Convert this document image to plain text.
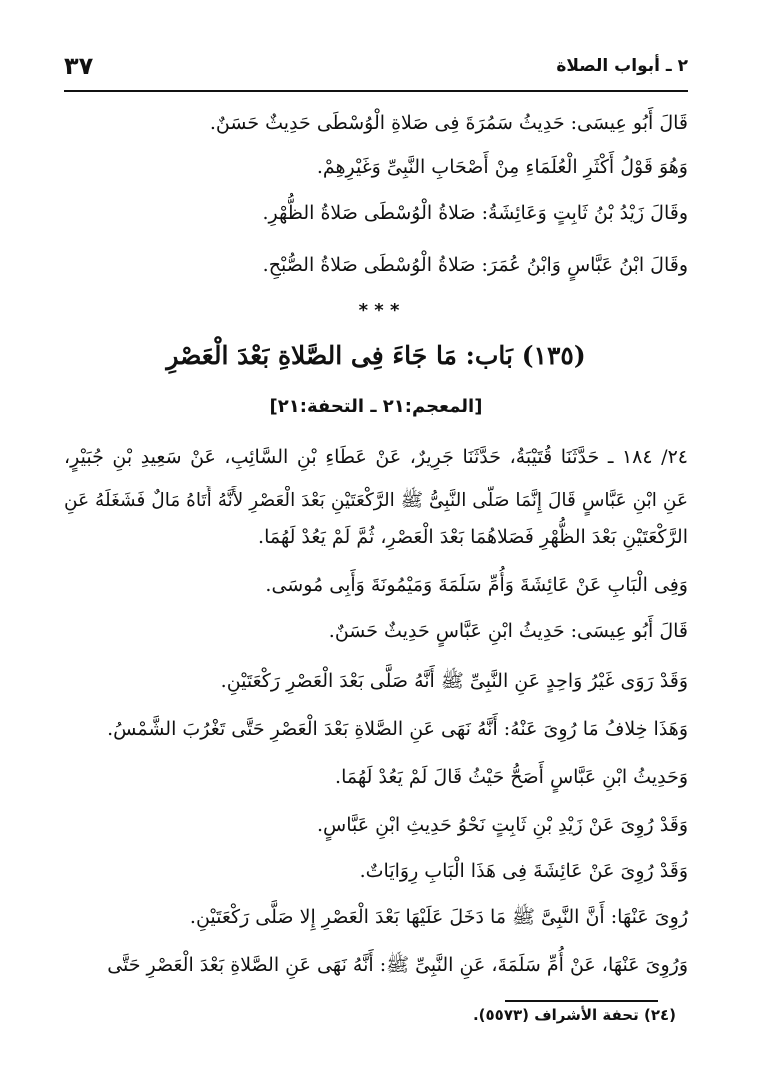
٢ ـ أبواب الصلاة
٣٧
قَالَ أَبُو عِيسَى: حَدِيثُ سَمُرَةَ فِى صَلاةِ الْوُسْطَى حَدِيثٌ حَسَنٌ.
وَهُوَ قَوْلُ أَكْثَرِ الْعُلَمَاءِ مِنْ أَصْحَابِ النَّبِىِّ وَغَيْرِهِمْ.
وقَالَ زَيْدُ بْنُ ثَابِتٍ وَعَائِشَةُ: صَلاةُ الْوُسْطَى صَلاةُ الظُّهْرِ.
وقَالَ ابْنُ عَبَّاسٍ وَابْنُ عُمَرَ: صَلاةُ الْوُسْطَى صَلاةُ الصُّبْحِ.
* * *
(١٣٥) بَاب: مَا جَاءَ فِى الصَّلاةِ بَعْدَ الْعَصْرِ
[المعجم:٢١ ـ التحفة:٢١]
٢٤/ ١٨٤ ـ حَدَّثَنَا قُتَيْبَةُ، حَدَّثَنَا جَرِيرٌ، عَنْ عَطَاءِ بْنِ السَّائِبِ، عَنْ سَعِيدِ بْنِ جُبَيْرٍ،
عَنِ ابْنِ عَبَّاسٍ قَالَ إِنَّمَا صَلَّى النَّبِىُّ ﷺ الرَّكْعَتَيْنِ بَعْدَ الْعَصْرِ لأَنَّهُ أَتَاهُ مَالٌ فَشَغَلَهُ عَنِ
الرَّكْعَتَيْنِ بَعْدَ الظُّهْرِ فَصَلاهُمَا بَعْدَ الْعَصْرِ، ثُمَّ لَمْ يَعُدْ لَهُمَا.
وَفِى الْبَابِ عَنْ عَائِشَةَ وَأُمِّ سَلَمَةَ وَمَيْمُونَةَ وَأَبِى مُوسَى.
قَالَ أَبُو عِيسَى: حَدِيثُ ابْنِ عَبَّاسٍ حَدِيثٌ حَسَنٌ.
وَقَدْ رَوَى غَيْرُ وَاحِدٍ عَنِ النَّبِىِّ ﷺ أَنَّهُ صَلَّى بَعْدَ الْعَصْرِ رَكْعَتَيْنِ.
وَهَذَا خِلافُ مَا رُوِىَ عَنْهُ: أَنَّهُ نَهَى عَنِ الصَّلاةِ بَعْدَ الْعَصْرِ حَتَّى تَغْرُبَ الشَّمْسُ.
وَحَدِيثُ ابْنِ عَبَّاسٍ أَصَحُّ حَيْثُ قَالَ لَمْ يَعُدْ لَهُمَا.
وَقَدْ رُوِىَ عَنْ زَيْدِ بْنِ ثَابِتٍ نَحْوُ حَدِيثِ ابْنِ عَبَّاسٍ.
وَقَدْ رُوِىَ عَنْ عَائِشَةَ فِى هَذَا الْبَابِ رِوَايَاتٌ.
رُوِىَ عَنْهَا: أَنَّ النَّبِىَّ ﷺ مَا دَخَلَ عَلَيْهَا بَعْدَ الْعَصْرِ إِلا صَلَّى رَكْعَتَيْنِ.
وَرُوِىَ عَنْهَا، عَنْ أُمِّ سَلَمَةَ، عَنِ النَّبِىِّ ﷺ: أَنَّهُ نَهَى عَنِ الصَّلاةِ بَعْدَ الْعَصْرِ حَتَّى
(٢٤) تحفة الأشراف (٥٥٧٣).
